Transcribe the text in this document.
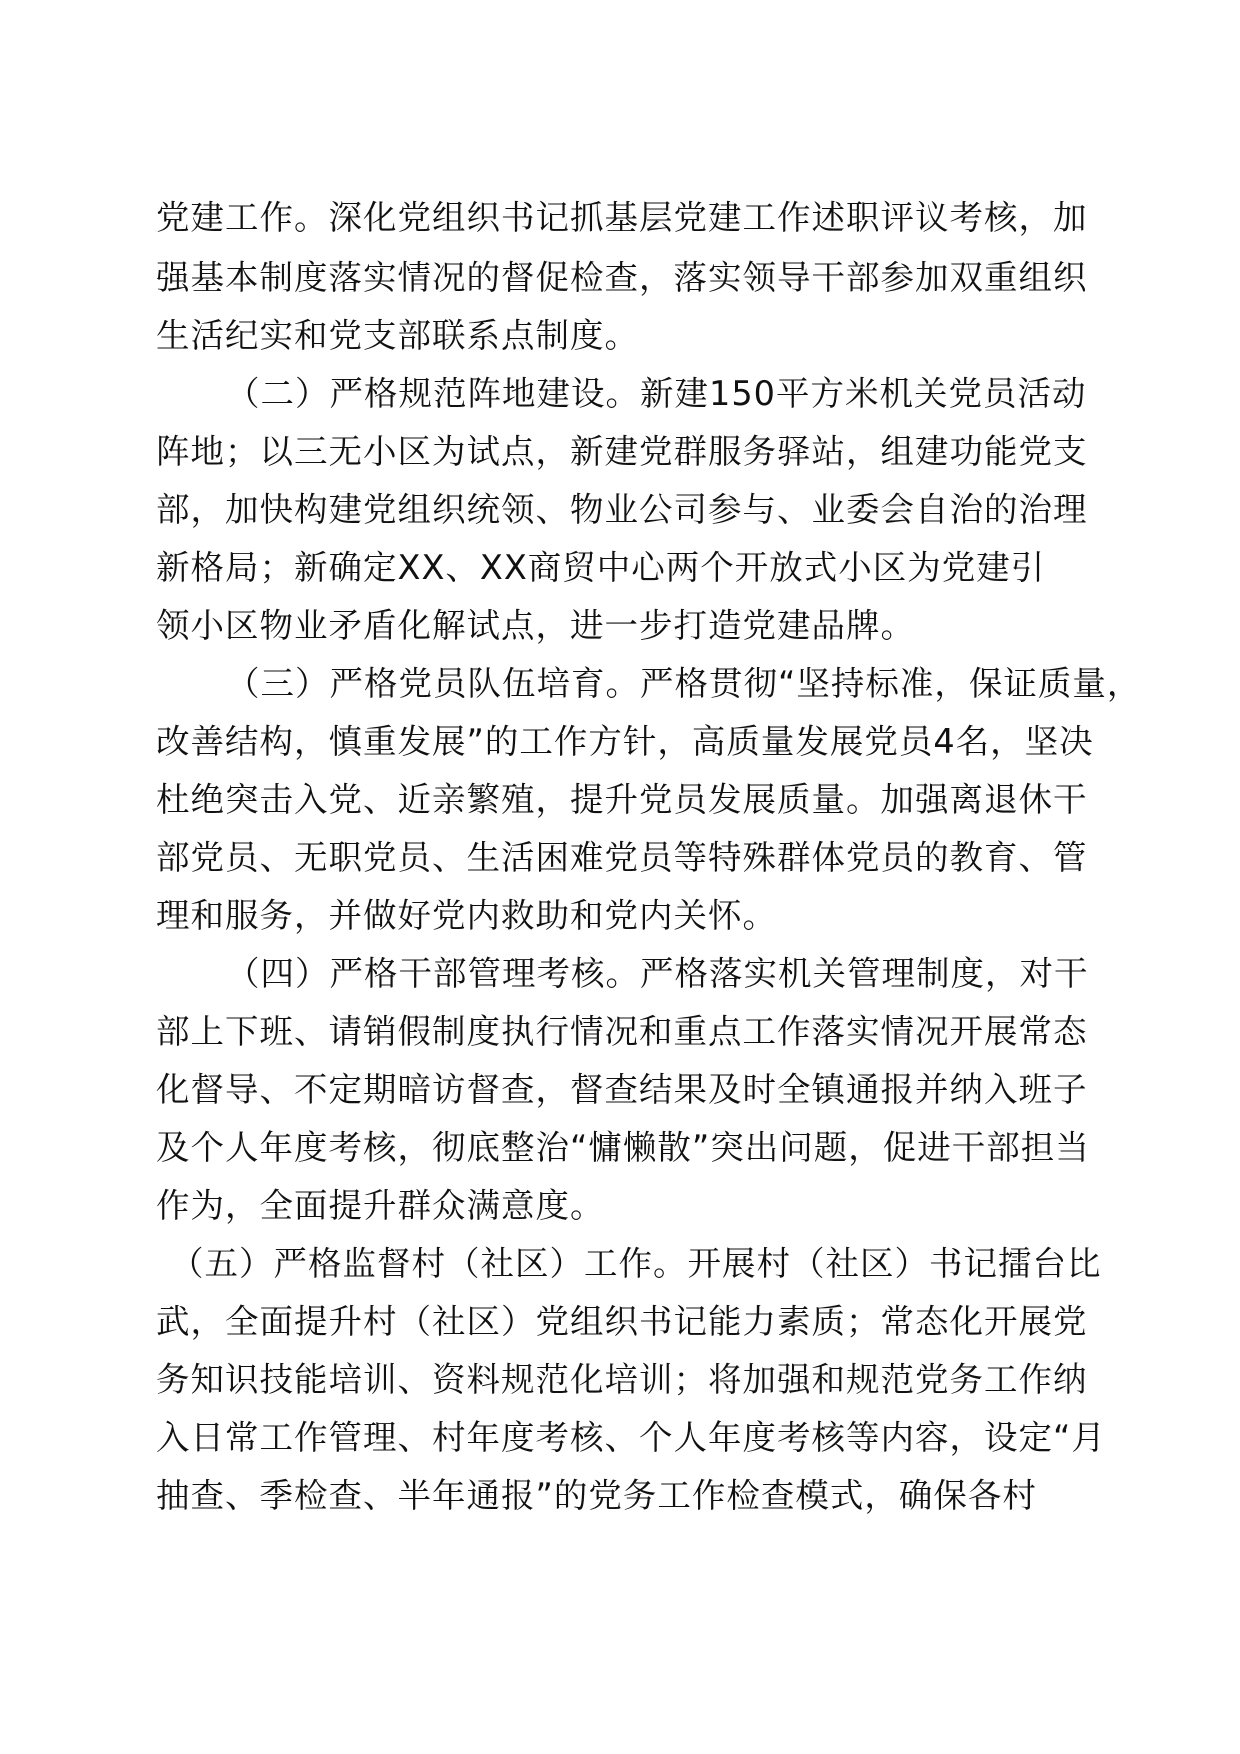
党建工作。深化党组织书记抓基层党建工作述职评议考核，加
强基本制度落实情况的督促检查，落实领导干部参加双重组织
生活纪实和党支部联系点制度。
（二）严格规范阵地建设。新建150平方米机关党员活动
阵地；以三无小区为试点，新建党群服务驿站，组建功能党支
部，加快构建党组织统领、物业公司参与、业委会自治的治理
新格局；新确定XX、XX商贸中心两个开放式小区为党建引
领小区物业矛盾化解试点，进一步打造党建品牌。
（三）严格党员队伍培育。严格贯彻“坚持标准，保证质量，
改善结构，慎重发展”的工作方针，高质量发展党员4名，坚决
杜绝突击入党、近亲繁殖，提升党员发展质量。加强离退休干
部党员、无职党员、生活困难党员等特殊群体党员的教育、管
理和服务，并做好党内救助和党内关怀。
（四）严格干部管理考核。严格落实机关管理制度，对干
部上下班、请销假制度执行情况和重点工作落实情况开展常态
化督导、不定期暗访督查，督查结果及时全镇通报并纳入班子
及个人年度考核，彻底整治“慵懒散”突出问题，促进干部担当
作为，全面提升群众满意度。
（五）严格监督村（社区）工作。开展村（社区）书记擂台比
武，全面提升村（社区）党组织书记能力素质；常态化开展党
务知识技能培训、资料规范化培训；将加强和规范党务工作纳
入日常工作管理、村年度考核、个人年度考核等内容，设定“月
抽查、季检查、半年通报”的党务工作检查模式，确保各村
